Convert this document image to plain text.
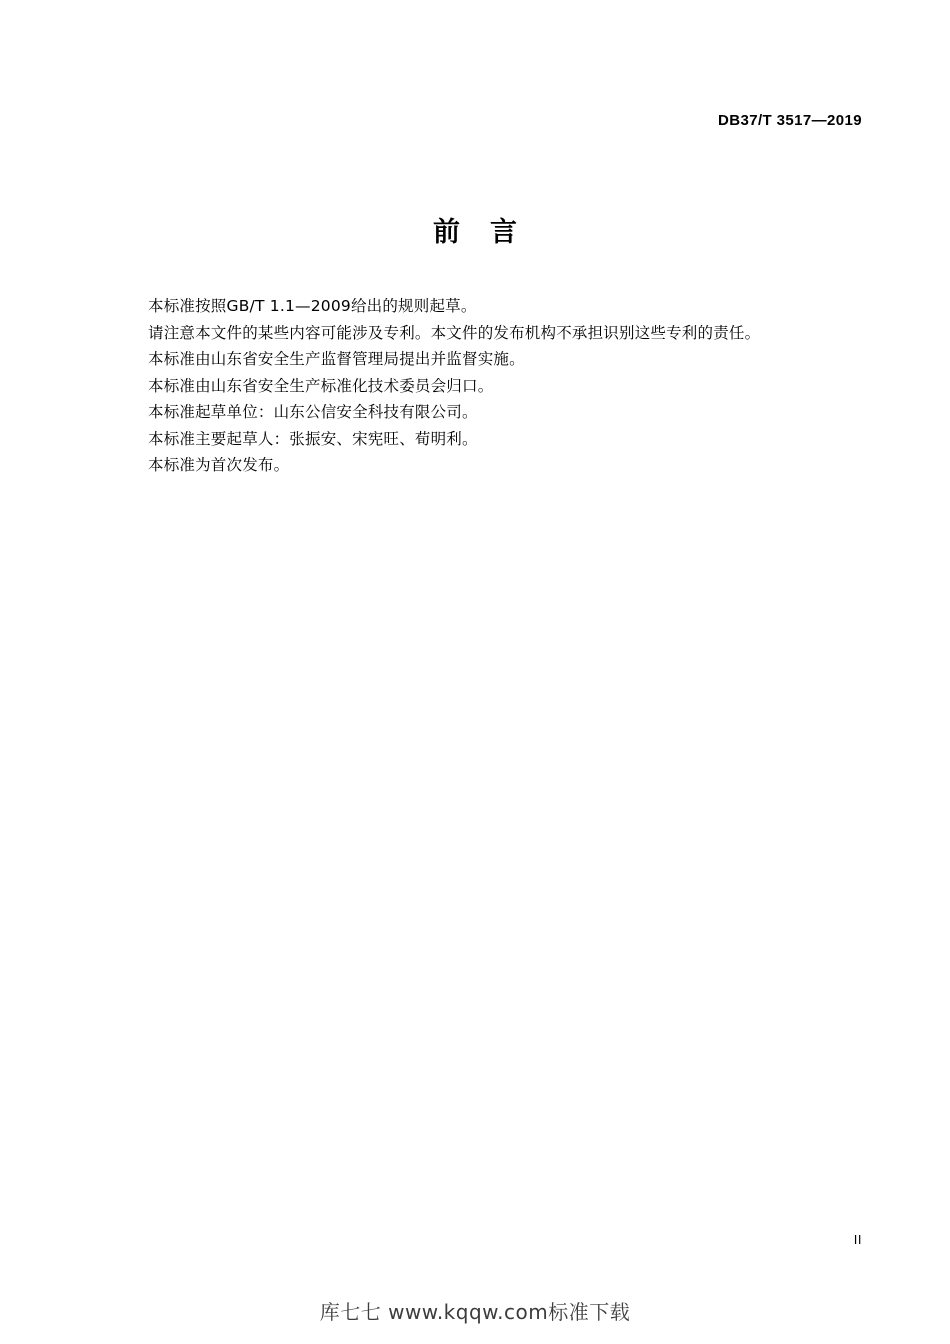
DB37/T 3517—2019
前言
本标准按照GB/T 1.1—2009给出的规则起草。
请注意本文件的某些内容可能涉及专利。本文件的发布机构不承担识别这些专利的责任。
本标准由山东省安全生产监督管理局提出并监督实施。
本标准由山东省安全生产标准化技术委员会归口。
本标准起草单位：山东公信安全科技有限公司。
本标准主要起草人：张振安、宋宪旺、荀明利。
本标准为首次发布。
II
库七七 www.kqqw.com标准下载
